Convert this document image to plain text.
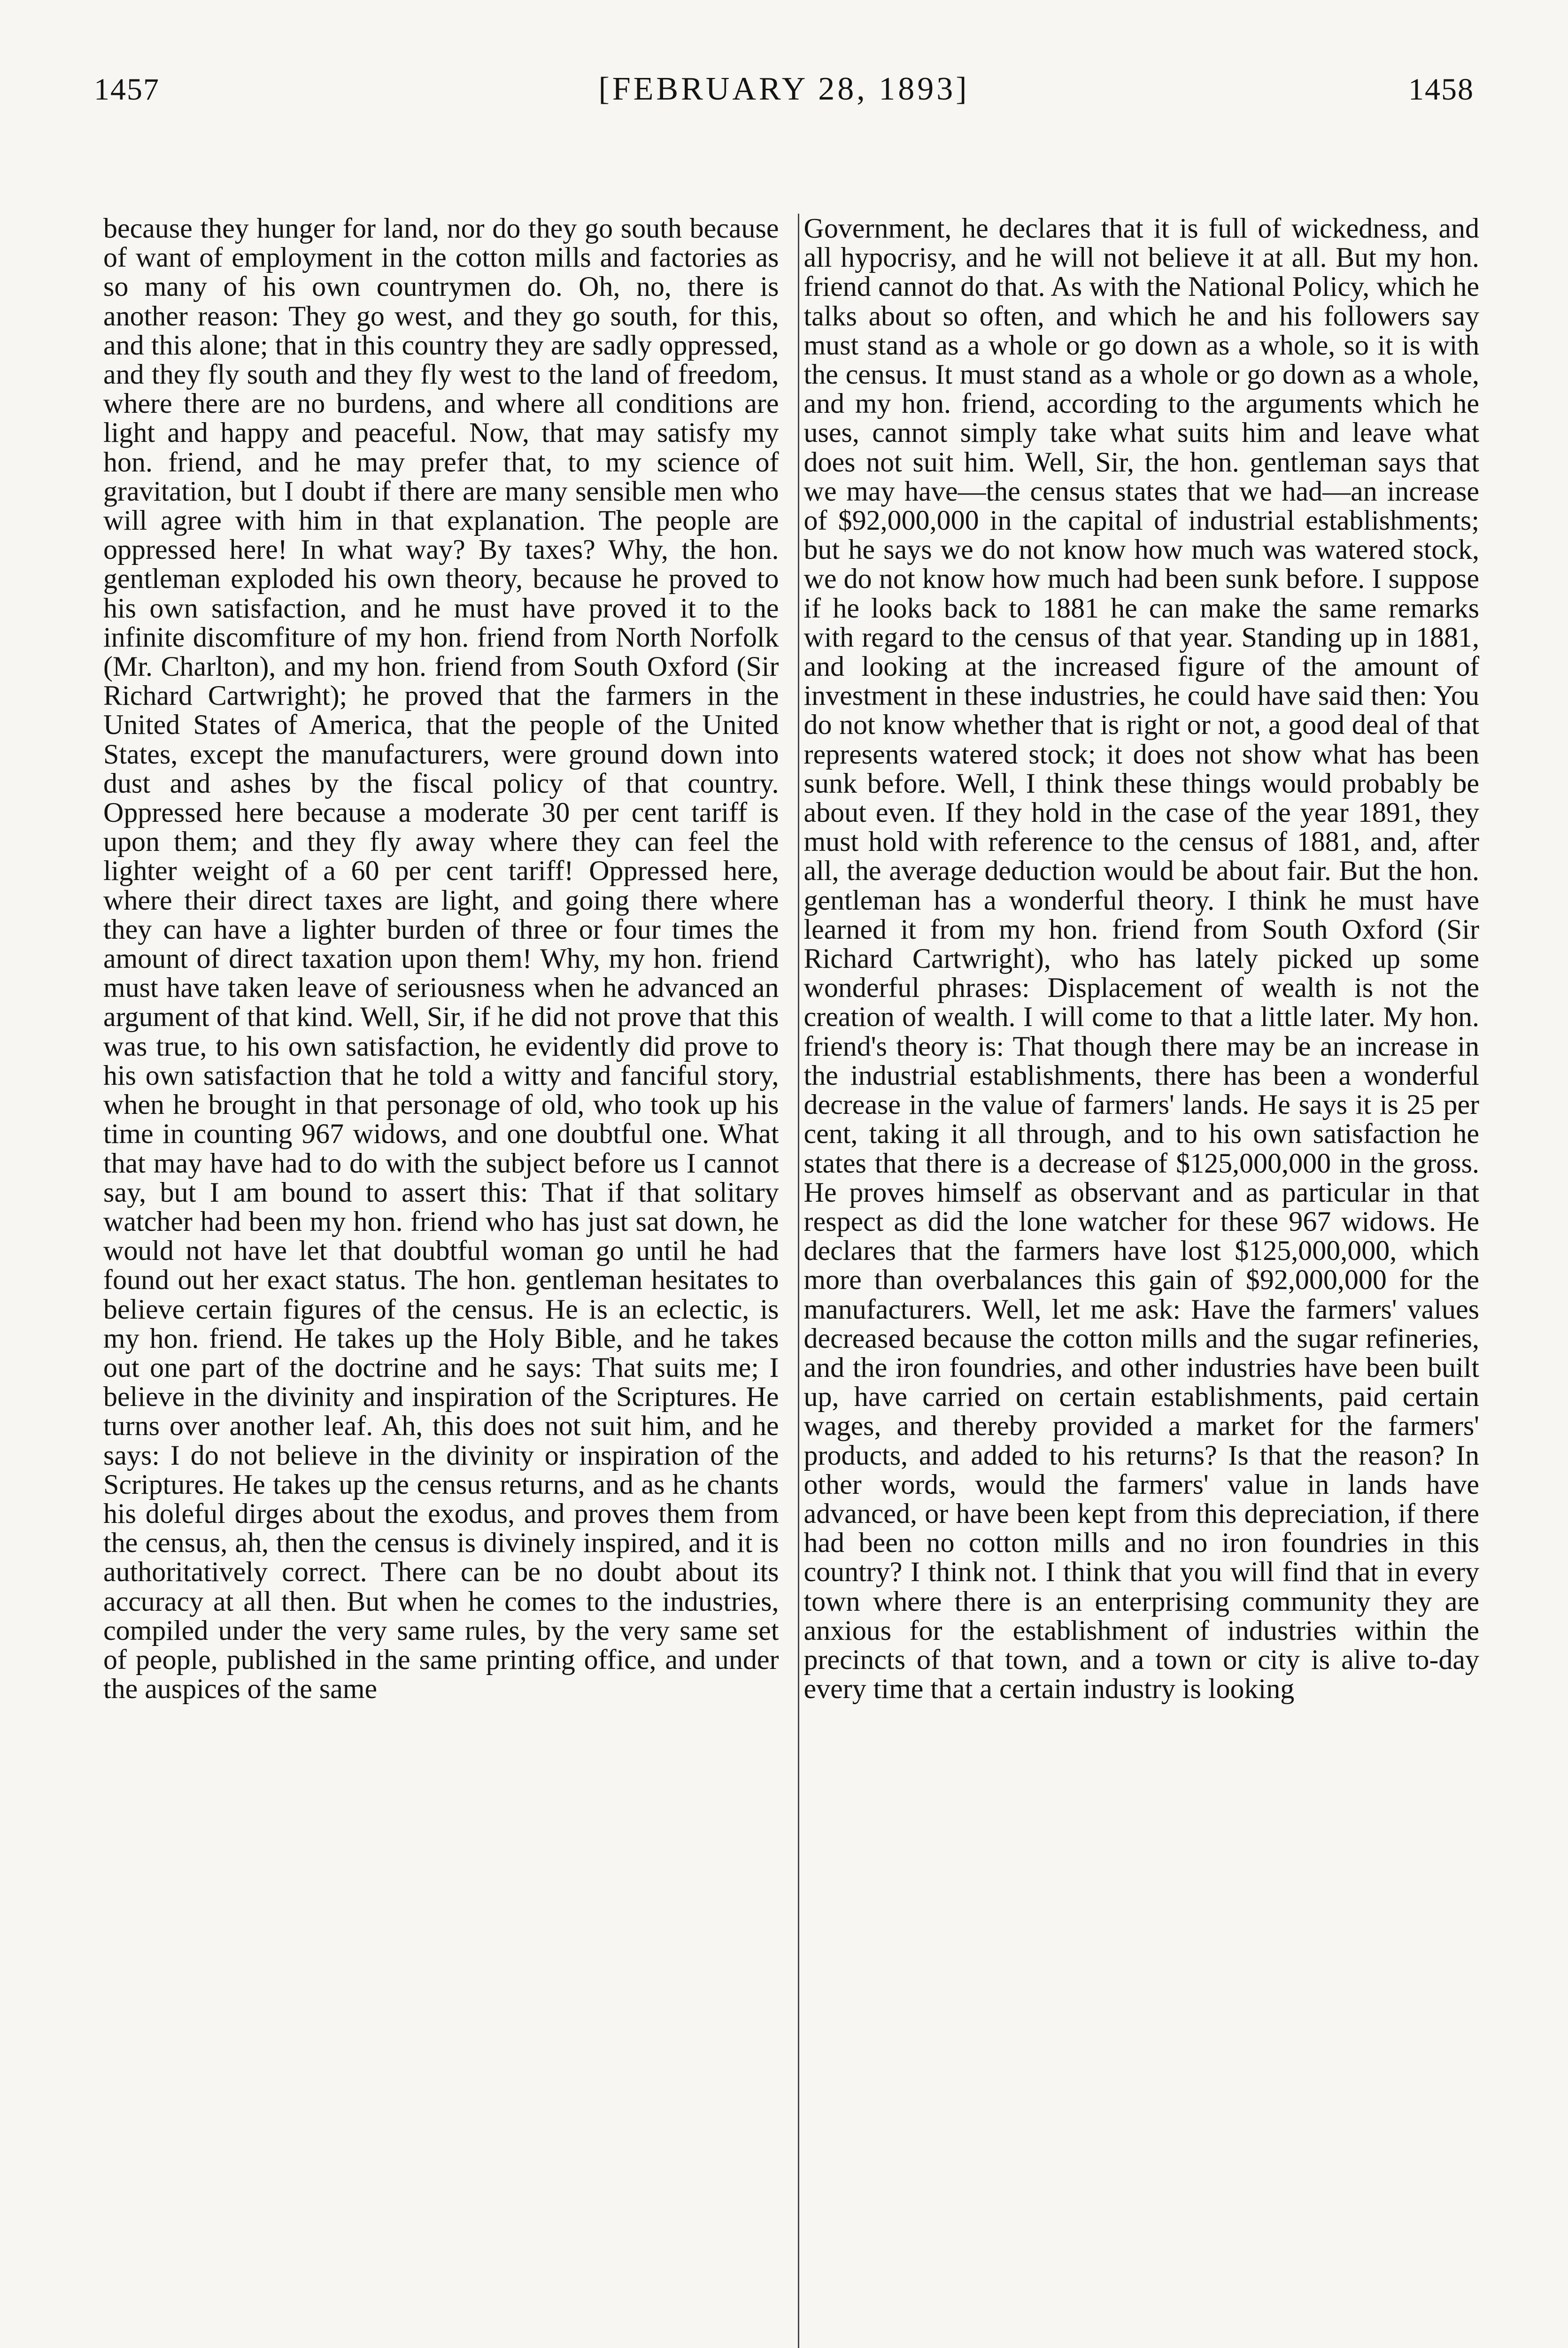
1457	[FEBRUARY 28, 1893]	1458

because they hunger for land, nor do they go south because of want of employment in the cotton mills and factories as so many of his own countrymen do. Oh, no, there is another reason: They go west, and they go south, for this, and this alone; that in this country they are sadly oppressed, and they fly south and they fly west to the land of freedom, where there are no burdens, and where all conditions are light and happy and peaceful. Now, that may satisfy my hon. friend, and he may prefer that, to my science of gravitation, but I doubt if there are many sensible men who will agree with him in that explanation. The people are oppressed here! In what way? By taxes? Why, the hon. gentleman exploded his own theory, because he proved to his own satisfaction, and he must have proved it to the infinite discomfiture of my hon. friend from North Norfolk (Mr. Charlton), and my hon. friend from South Oxford (Sir Richard Cartwright); he proved that the farmers in the United States of America, that the people of the United States, except the manufacturers, were ground down into dust and ashes by the fiscal policy of that country. Oppressed here because a moderate 30 per cent tariff is upon them; and they fly away where they can feel the lighter weight of a 60 per cent tariff! Oppressed here, where their direct taxes are light, and going there where they can have a lighter burden of three or four times the amount of direct taxation upon them! Why, my hon. friend must have taken leave of seriousness when he advanced an argument of that kind. Well, Sir, if he did not prove that this was true, to his own satisfaction, he evidently did prove to his own satisfaction that he told a witty and fanciful story, when he brought in that personage of old, who took up his time in counting 967 widows, and one doubtful one. What that may have had to do with the subject before us I cannot say, but I am bound to assert this: That if that solitary watcher had been my hon. friend who has just sat down, he would not have let that doubtful woman go until he had found out her exact status. The hon. gentleman hesitates to believe certain figures of the census. He is an eclectic, is my hon. friend. He takes up the Holy Bible, and he takes out one part of the doctrine and he says: That suits me; I believe in the divinity and inspiration of the Scriptures. He turns over another leaf. Ah, this does not suit him, and he says: I do not believe in the divinity or inspiration of the Scriptures. He takes up the census returns, and as he chants his doleful dirges about the exodus, and proves them from the census, ah, then the census is divinely inspired, and it is authoritatively correct. There can be no doubt about its accuracy at all then. But when he comes to the industries, compiled under the very same rules, by the very same set of people, published in the same printing office, and under the auspices of the same

Government, he declares that it is full of wickedness, and all hypocrisy, and he will not believe it at all. But my hon. friend cannot do that. As with the National Policy, which he talks about so often, and which he and his followers say must stand as a whole or go down as a whole, so it is with the census. It must stand as a whole or go down as a whole, and my hon. friend, according to the arguments which he uses, cannot simply take what suits him and leave what does not suit him. Well, Sir, the hon. gentleman says that we may have—the census states that we had—an increase of $92,000,000 in the capital of industrial establishments; but he says we do not know how much was watered stock, we do not know how much had been sunk before. I suppose if he looks back to 1881 he can make the same remarks with regard to the census of that year. Standing up in 1881, and looking at the increased figure of the amount of investment in these industries, he could have said then: You do not know whether that is right or not, a good deal of that represents watered stock; it does not show what has been sunk before. Well, I think these things would probably be about even. If they hold in the case of the year 1891, they must hold with reference to the census of 1881, and, after all, the average deduction would be about fair. But the hon. gentleman has a wonderful theory. I think he must have learned it from my hon. friend from South Oxford (Sir Richard Cartwright), who has lately picked up some wonderful phrases: Displacement of wealth is not the creation of wealth. I will come to that a little later. My hon. friend's theory is: That though there may be an increase in the industrial establishments, there has been a wonderful decrease in the value of farmers' lands. He says it is 25 per cent, taking it all through, and to his own satisfaction he states that there is a decrease of $125,000,000 in the gross. He proves himself as observant and as particular in that respect as did the lone watcher for these 967 widows. He declares that the farmers have lost $125,000,000, which more than overbalances this gain of $92,000,000 for the manufacturers. Well, let me ask: Have the farmers' values decreased because the cotton mills and the sugar refineries, and the iron foundries, and other industries have been built up, have carried on certain establishments, paid certain wages, and thereby provided a market for the farmers' products, and added to his returns? Is that the reason? In other words, would the farmers' value in lands have advanced, or have been kept from this depreciation, if there had been no cotton mills and no iron foundries in this country? I think not. I think that you will find that in every town where there is an enterprising community they are anxious for the establishment of industries within the precincts of that town, and a town or city is alive to-day every time that a certain industry is looking
